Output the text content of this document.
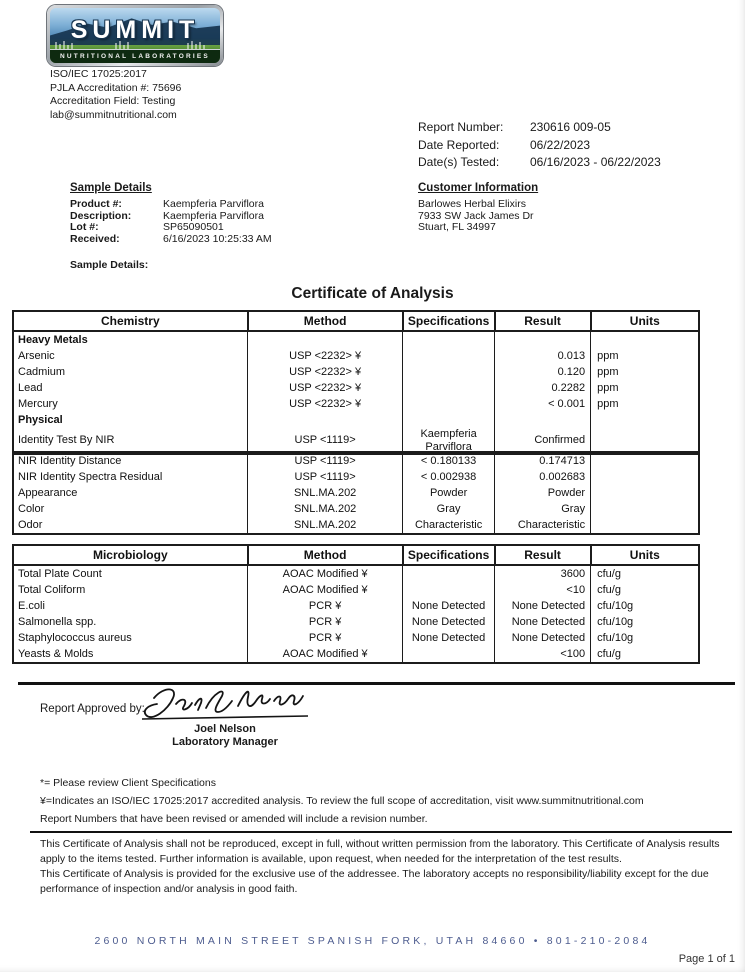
SUMMIT
NUTRITIONAL LABORATORIES
ISO/IEC 17025:2017
PJLA Accreditation #: 75696
Accreditation Field: Testing
lab@summitnutritional.com
Report Number:	230616 009-05
Date Reported:	06/22/2023
Date(s) Tested:	06/16/2023 - 06/22/2023
Sample Details
Product #:	Kaempferia Parviflora
Description:	Kaempferia Parviflora
Lot #:	SP65090501
Received:	6/16/2023 10:25:33 AM
Sample Details:
Customer Information
Barlowes Herbal Elixirs
7933 SW Jack James Dr
Stuart, FL 34997
Certificate of Analysis
Chemistry	Method	Specifications	Result	Units
Heavy Metals				
Arsenic	USP <2232> ¥		0.013	ppm
Cadmium	USP <2232> ¥		0.120	ppm
Lead	USP <2232> ¥		0.2282	ppm
Mercury	USP <2232> ¥		< 0.001	ppm
Physical				
Identity Test By NIR	USP <1119>	Kaempferia Parviflora	Confirmed	
NIR Identity Distance	USP <1119>	< 0.180133	0.174713	
NIR Identity Spectra Residual	USP <1119>	< 0.002938	0.002683	
Appearance	SNL.MA.202	Powder	Powder	
Color	SNL.MA.202	Gray	Gray	
Odor	SNL.MA.202	Characteristic	Characteristic	
Microbiology	Method	Specifications	Result	Units
Total Plate Count	AOAC Modified ¥		3600	cfu/g
Total Coliform	AOAC Modified ¥		<10	cfu/g
E.coli	PCR ¥	None Detected	None Detected	cfu/10g
Salmonella spp.	PCR ¥	None Detected	None Detected	cfu/10g
Staphylococcus aureus	PCR ¥	None Detected	None Detected	cfu/10g
Yeasts & Molds	AOAC Modified ¥		<100	cfu/g
Report Approved by:
Joel Nelson
Laboratory Manager
*= Please review Client Specifications
¥=Indicates an ISO/IEC 17025:2017 accredited analysis. To review the full scope of accreditation, visit www.summitnutritional.com
Report Numbers that have been revised or amended will include a revision number.
This Certificate of Analysis shall not be reproduced, except in full, without written permission from the laboratory. This Certificate of Analysis results apply to the items tested. Further information is available, upon request, when needed for the interpretation of the test results.
This Certificate of Analysis is provided for the exclusive use of the addressee. The laboratory accepts no responsibility/liability except for the due performance of inspection and/or analysis in good faith.
2600 NORTH MAIN STREET SPANISH FORK, UTAH 84660 • 801-210-2084
Page 1 of 1
